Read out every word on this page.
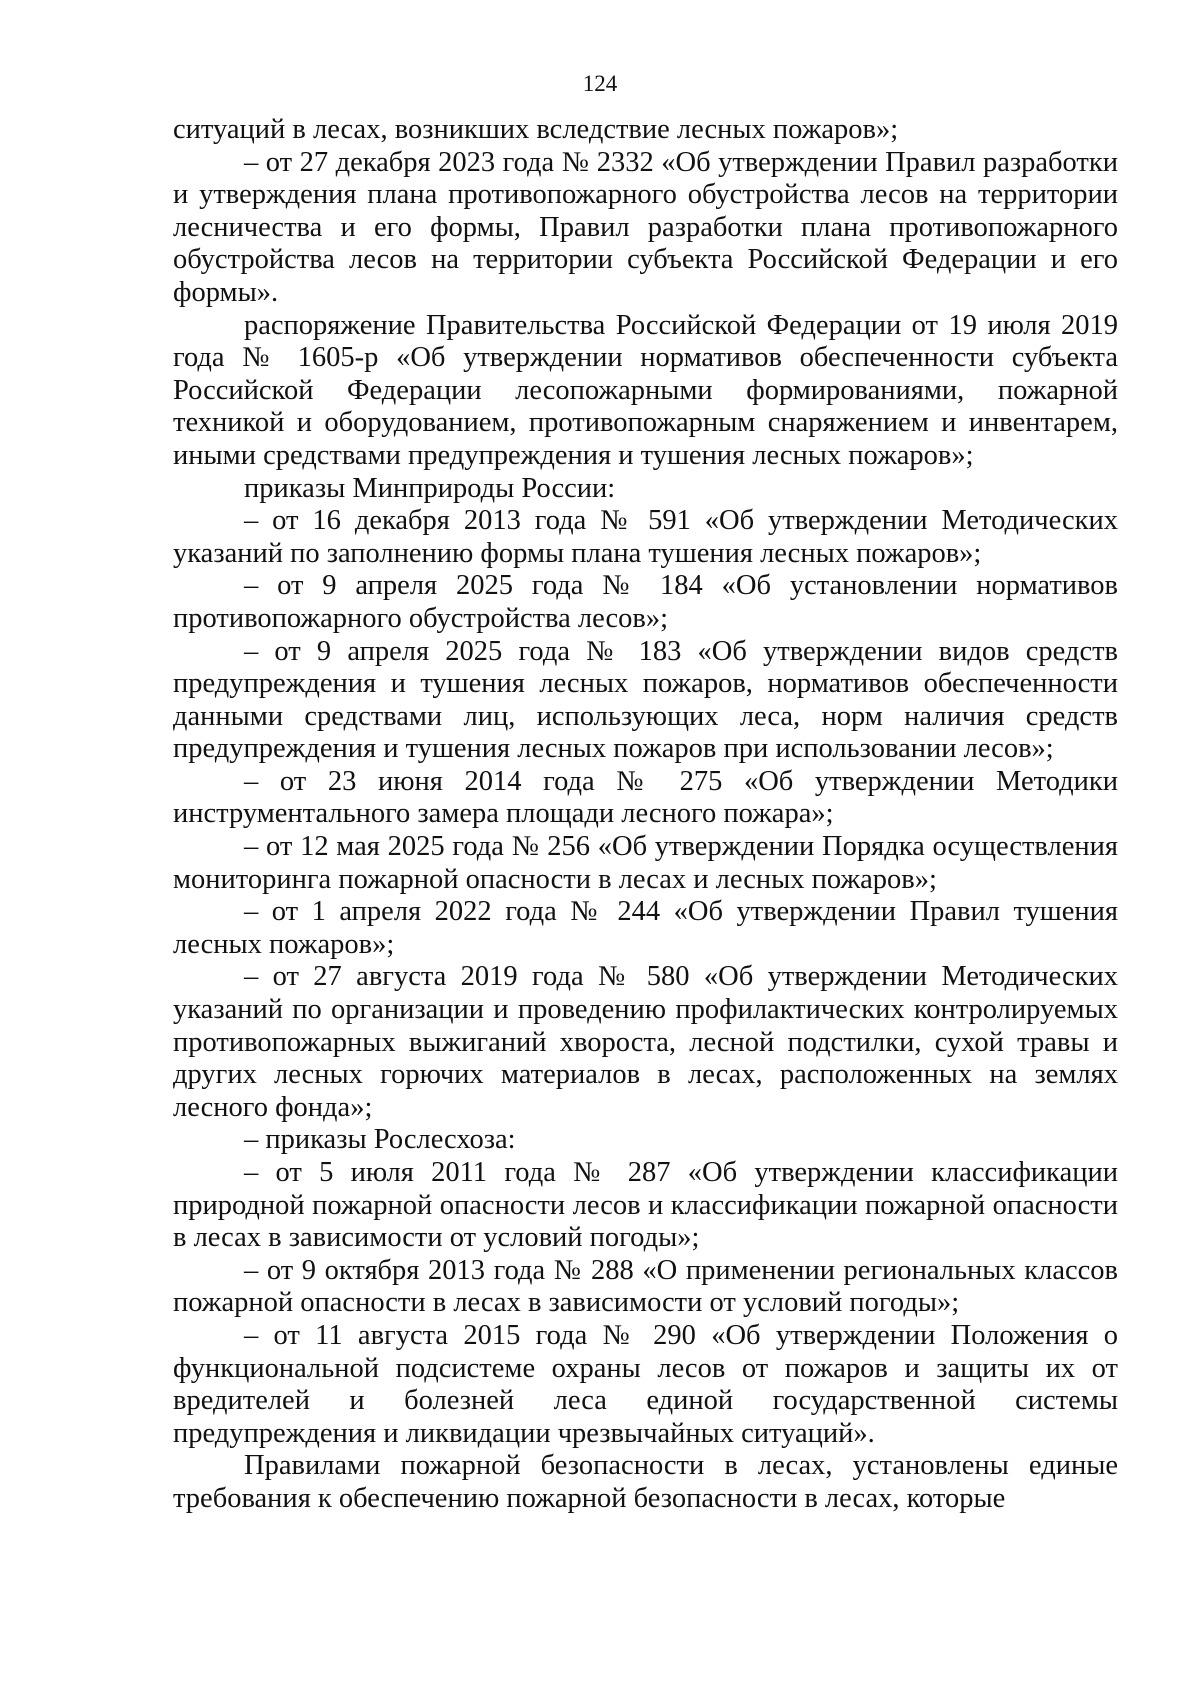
124

ситуаций в лесах, возникших вследствие лесных пожаров»;

– от 27 декабря 2023 года № 2332 «Об утверждении Правил разработки и утверждения плана противопожарного обустройства лесов на территории лесничества и его формы, Правил разработки плана противопожарного обустройства лесов на территории субъекта Российской Федерации и его формы».

распоряжение Правительства Российской Федерации от 19 июля 2019 года № 1605-р «Об утверждении нормативов обеспеченности субъекта Российской Федерации лесопожарными формированиями, пожарной техникой и оборудованием, противопожарным снаряжением и инвентарем, иными средствами предупреждения и тушения лесных пожаров»;

приказы Минприроды России:

– от 16 декабря 2013 года № 591 «Об утверждении Методических указаний по заполнению формы плана тушения лесных пожаров»;

– от 9 апреля 2025 года № 184 «Об установлении нормативов противопожарного обустройства лесов»;

– от 9 апреля 2025 года № 183 «Об утверждении видов средств предупреждения и тушения лесных пожаров, нормативов обеспеченности данными средствами лиц, использующих леса, норм наличия средств предупреждения и тушения лесных пожаров при использовании лесов»;

– от 23 июня 2014 года № 275 «Об утверждении Методики инструментального замера площади лесного пожара»;

– от 12 мая 2025 года № 256 «Об утверждении Порядка осуществления мониторинга пожарной опасности в лесах и лесных пожаров»;

– от 1 апреля 2022 года № 244 «Об утверждении Правил тушения лесных пожаров»;

– от 27 августа 2019 года № 580 «Об утверждении Методических указаний по организации и проведению профилактических контролируемых противопожарных выжиганий хвороста, лесной подстилки, сухой травы и других лесных горючих материалов в лесах, расположенных на землях лесного фонда»;

– приказы Рослесхоза:

– от 5 июля 2011 года № 287 «Об утверждении классификации природной пожарной опасности лесов и классификации пожарной опасности в лесах в зависимости от условий погоды»;

– от 9 октября 2013 года № 288 «О применении региональных классов пожарной опасности в лесах в зависимости от условий погоды»;

– от 11 августа 2015 года № 290 «Об утверждении Положения о функциональной подсистеме охраны лесов от пожаров и защиты их от вредителей и болезней леса единой государственной системы предупреждения и ликвидации чрезвычайных ситуаций».

Правилами пожарной безопасности в лесах, установлены единые требования к обеспечению пожарной безопасности в лесах, которые
